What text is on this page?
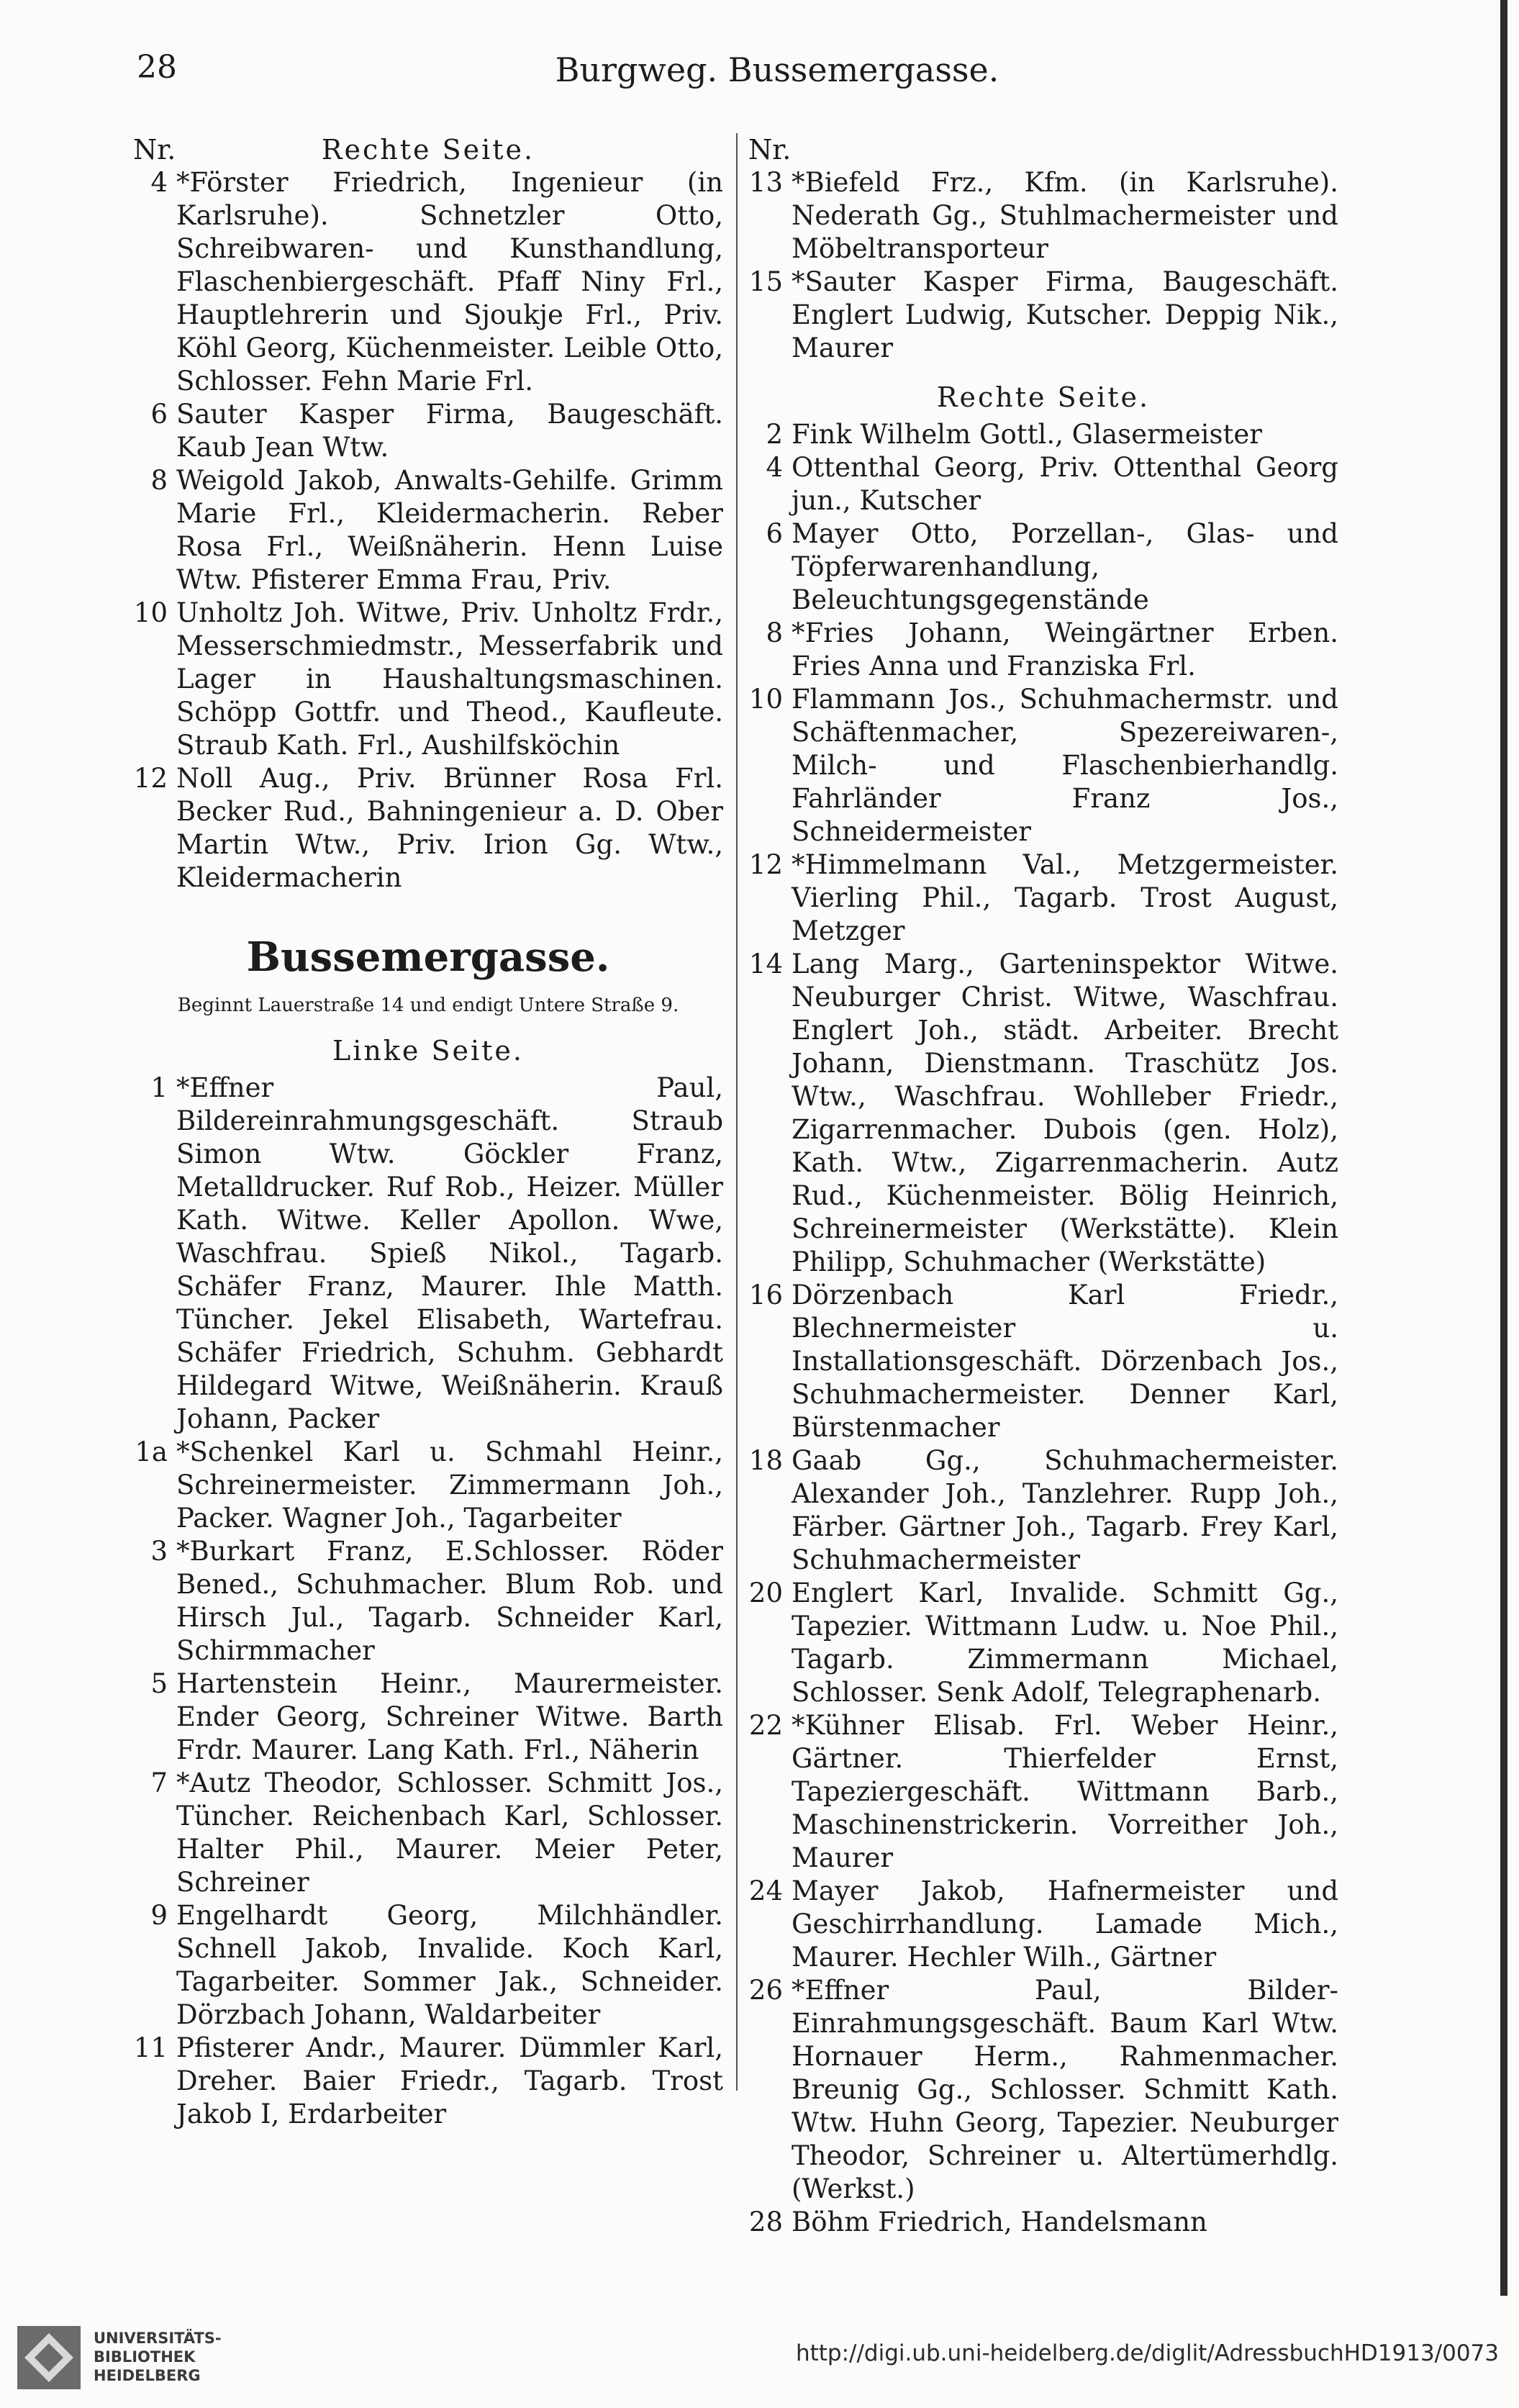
28	Burgweg. Bussemergasse.
Nr.	Rechte Seite.
4 *Förster Friedrich, Ingenieur (in Karlsruhe). Schnetzler Otto, Schreibwaren- und Kunsthandlung, Flaschenbiergeschäft. Pfaff Niny Frl., Hauptlehrerin und Sjoukje Frl., Priv. Köhl Georg, Küchenmeister. Leible Otto, Schlosser. Fehn Marie Frl.
6 Sauter Kasper Firma, Baugeschäft. Kaub Jean Wtw.
8 Weigold Jakob, Anwalts-Gehilfe. Grimm Marie Frl., Kleidermacherin. Reber Rosa Frl., Weißnäherin. Henn Luise Wtw. Pfisterer Emma Frau, Priv.
10 Unholtz Joh. Witwe, Priv. Unholtz Frdr., Messerschmiedmstr., Messerfabrik und Lager in Haushaltungsmaschinen. Schöpp Gottfr. und Theod., Kaufleute. Straub Kath. Frl., Aushilfsköchin
12 Noll Aug., Priv. Brünner Rosa Frl. Becker Rud., Bahningenieur a. D. Ober Martin Wtw., Priv. Irion Gg. Wtw., Kleidermacherin
Bussemergasse.
Beginnt Lauerstraße 14 und endigt Untere Straße 9.
Linke Seite.
1 *Effner Paul, Bildereinrahmungsgeschäft. Straub Simon Wtw. Göckler Franz, Metalldrucker. Ruf Rob., Heizer. Müller Kath. Witwe. Keller Apollon. Wwe, Waschfrau. Spieß Nikol., Tagarb. Schäfer Franz, Maurer. Ihle Matth. Tüncher. Jekel Elisabeth, Wartefrau. Schäfer Friedrich, Schuhm. Gebhardt Hildegard Witwe, Weißnäherin. Krauß Johann, Packer
1a *Schenkel Karl u. Schmahl Heinr., Schreinermeister. Zimmermann Joh., Packer. Wagner Joh., Tagarbeiter
3 *Burkart Franz, E.Schlosser. Röder Bened., Schuhmacher. Blum Rob. und Hirsch Jul., Tagarb. Schneider Karl, Schirmmacher
5 Hartenstein Heinr., Maurermeister. Ender Georg, Schreiner Witwe. Barth Frdr. Maurer. Lang Kath. Frl., Näherin
7 *Autz Theodor, Schlosser. Schmitt Jos., Tüncher. Reichenbach Karl, Schlosser. Halter Phil., Maurer. Meier Peter, Schreiner
9 Engelhardt Georg, Milchhändler. Schnell Jakob, Invalide. Koch Karl, Tagarbeiter. Sommer Jak., Schneider. Dörzbach Johann, Waldarbeiter
11 Pfisterer Andr., Maurer. Dümmler Karl, Dreher. Baier Friedr., Tagarb. Trost Jakob I, Erdarbeiter
Nr.
13 *Biefeld Frz., Kfm. (in Karlsruhe). Nederath Gg., Stuhlmachermeister und Möbeltransporteur
15 *Sauter Kasper Firma, Baugeschäft. Englert Ludwig, Kutscher. Deppig Nik., Maurer
Rechte Seite.
2 Fink Wilhelm Gottl., Glasermeister
4 Ottenthal Georg, Priv. Ottenthal Georg jun., Kutscher
6 Mayer Otto, Porzellan-, Glas- und Töpferwarenhandlung, Beleuchtungsgegenstände
8 *Fries Johann, Weingärtner Erben. Fries Anna und Franziska Frl.
10 Flammann Jos., Schuhmachermstr. und Schäftenmacher, Spezereiwaren-, Milch- und Flaschenbierhandlg. Fahrländer Franz Jos., Schneidermeister
12 *Himmelmann Val., Metzgermeister. Vierling Phil., Tagarb. Trost August, Metzger
14 Lang Marg., Garteninspektor Witwe. Neuburger Christ. Witwe, Waschfrau. Englert Joh., städt. Arbeiter. Brecht Johann, Dienstmann. Traschütz Jos. Wtw., Waschfrau. Wohlleber Friedr., Zigarrenmacher. Dubois (gen. Holz), Kath. Wtw., Zigarrenmacherin. Autz Rud., Küchenmeister. Bölig Heinrich, Schreinermeister (Werkstätte). Klein Philipp, Schuhmacher (Werkstätte)
16 Dörzenbach Karl Friedr., Blechnermeister u. Installationsgeschäft. Dörzenbach Jos., Schuhmachermeister. Denner Karl, Bürstenmacher
18 Gaab Gg., Schuhmachermeister. Alexander Joh., Tanzlehrer. Rupp Joh., Färber. Gärtner Joh., Tagarb. Frey Karl, Schuhmachermeister
20 Englert Karl, Invalide. Schmitt Gg., Tapezier. Wittmann Ludw. u. Noe Phil., Tagarb. Zimmermann Michael, Schlosser. Senk Adolf, Telegraphenarb.
22 *Kühner Elisab. Frl. Weber Heinr., Gärtner. Thierfelder Ernst, Tapeziergeschäft. Wittmann Barb., Maschinenstrickerin. Vorreither Joh., Maurer
24 Mayer Jakob, Hafnermeister und Geschirrhandlung. Lamade Mich., Maurer. Hechler Wilh., Gärtner
26 *Effner Paul, Bilder-Einrahmungsgeschäft. Baum Karl Wtw. Hornauer Herm., Rahmenmacher. Breunig Gg., Schlosser. Schmitt Kath. Wtw. Huhn Georg, Tapezier. Neuburger Theodor, Schreiner u. Altertümerhdlg. (Werkst.)
28 Böhm Friedrich, Handelsmann
UNIVERSITÄTS-
BIBLIOTHEK
HEIDELBERG
http://digi.ub.uni-heidelberg.de/diglit/AdressbuchHD1913/0073
